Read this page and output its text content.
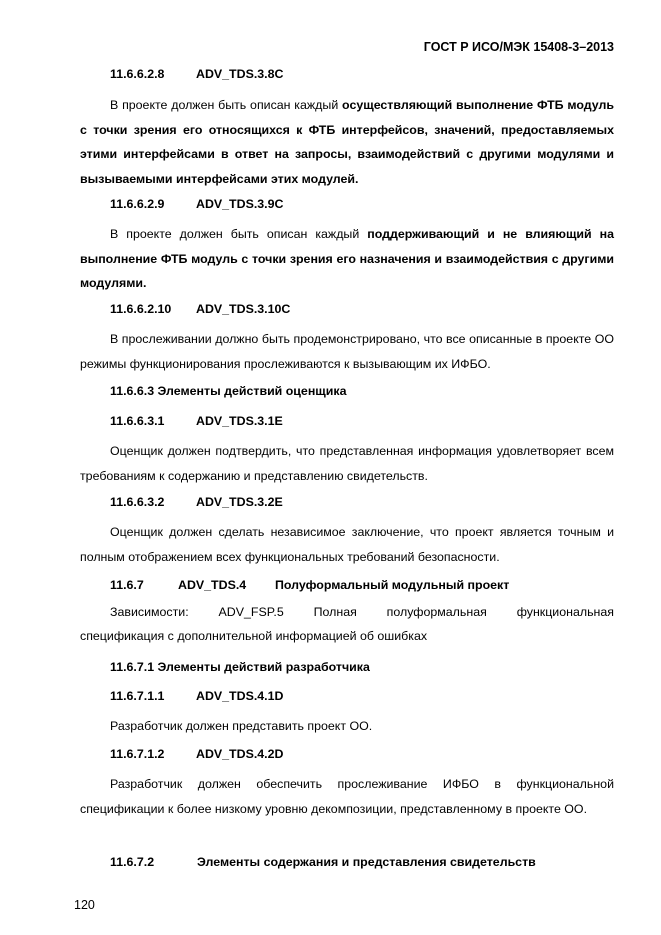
ГОСТ Р ИСО/МЭК 15408-3–2013
11.6.6.2.8	ADV_TDS.3.8C
В проекте должен быть описан каждый осуществляющий выполнение ФТБ модуль с точки зрения его относящихся к ФТБ интерфейсов, значений, предоставляемых этими интерфейсами в ответ на запросы, взаимодействий с другими модулями и вызываемыми интерфейсами этих модулей.
11.6.6.2.9	ADV_TDS.3.9C
В проекте должен быть описан каждый поддерживающий и не влияющий на выполнение ФТБ модуль с точки зрения его назначения и взаимодействия с другими модулями.
11.6.6.2.10 ADV_TDS.3.10C
В прослеживании должно быть продемонстрировано, что все описанные в проекте ОО режимы функционирования прослеживаются к вызывающим их ИФБО.
11.6.6.3 Элементы действий оценщика
11.6.6.3.1	ADV_TDS.3.1E
Оценщик должен подтвердить, что представленная информация удовлетворяет всем требованиям к содержанию и представлению свидетельств.
11.6.6.3.2	ADV_TDS.3.2E
Оценщик должен сделать независимое заключение, что проект является точным и полным отображением всех функциональных требований безопасности.
11.6.7	ADV_TDS.4 Полуформальный модульный проект
Зависимости: ADV_FSP.5 Полная полуформальная функциональная
спецификация с дополнительной информацией об ошибках
11.6.7.1 Элементы действий разработчика
11.6.7.1.1	ADV_TDS.4.1D
Разработчик должен представить проект ОО.
11.6.7.1.2	ADV_TDS.4.2D
Разработчик должен обеспечить прослеживание ИФБО в функциональной спецификации к более низкому уровню декомпозиции, представленному в проекте ОО.
11.6.7.2	Элементы содержания и представления свидетельств
120
